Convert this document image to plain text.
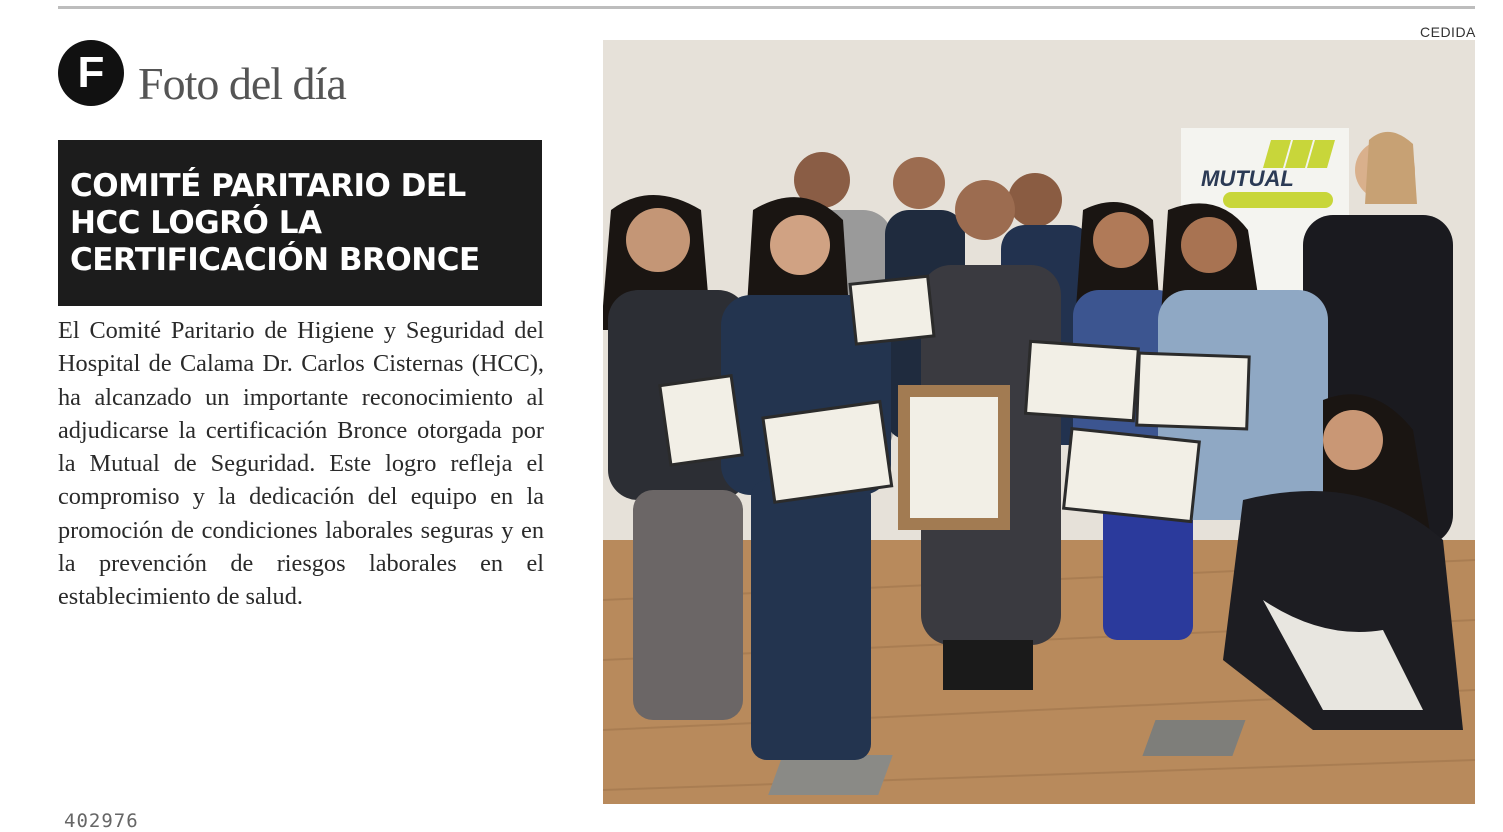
F Foto del día
COMITÉ PARITARIO DEL HCC LOGRÓ LA CERTIFICACIÓN BRONCE

El Comité Paritario de Higiene y Seguridad del Hospital de Calama Dr. Carlos Cisternas (HCC), ha alcanzado un importante reconocimiento al adjudicarse la certificación Bronce otorgada por la Mutual de Seguridad. Este logro refleja el compromiso y la dedicación del equipo en la promoción de condiciones laborales seguras y en la prevención de riesgos laborales en el establecimiento de salud.

CEDIDA
MUTUAL
402976
